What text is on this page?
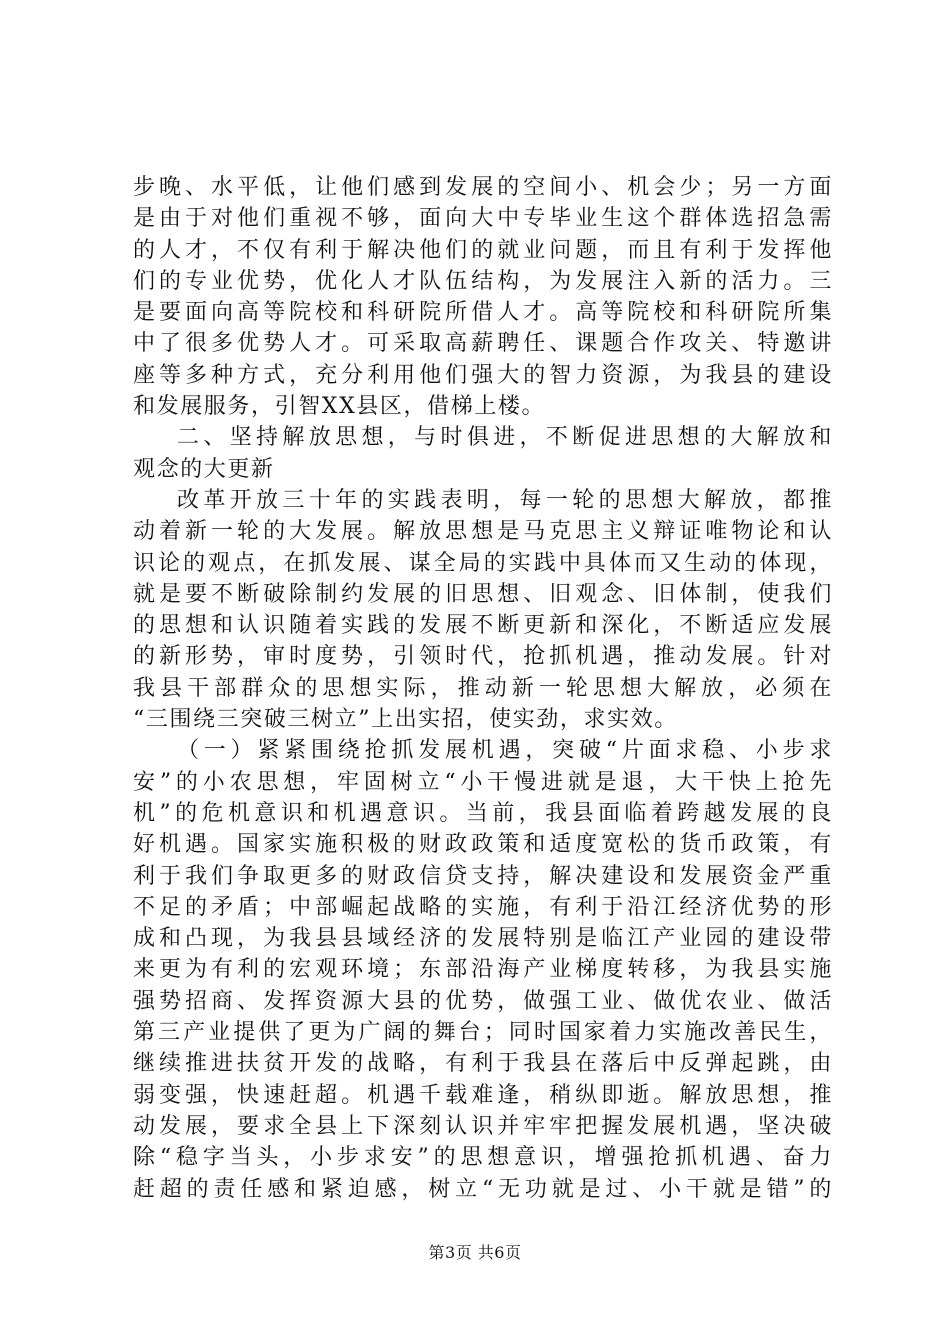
步晚、水平低，让他们感到发展的空间小、机会少；另一方面
是由于对他们重视不够，面向大中专毕业生这个群体选招急需
的人才，不仅有利于解决他们的就业问题，而且有利于发挥他
们的专业优势，优化人才队伍结构，为发展注入新的活力。三
是要面向高等院校和科研院所借人才。高等院校和科研院所集
中了很多优势人才。可采取高薪聘任、课题合作攻关、特邀讲
座等多种方式，充分利用他们强大的智力资源，为我县的建设
和发展服务，引智XX县区，借梯上楼。
二、坚持解放思想，与时俱进，不断促进思想的大解放和
观念的大更新
改革开放三十年的实践表明，每一轮的思想大解放，都推
动着新一轮的大发展。解放思想是马克思主义辩证唯物论和认
识论的观点，在抓发展、谋全局的实践中具体而又生动的体现，
就是要不断破除制约发展的旧思想、旧观念、旧体制，使我们
的思想和认识随着实践的发展不断更新和深化，不断适应发展
的新形势，审时度势，引领时代，抢抓机遇，推动发展。针对
我县干部群众的思想实际，推动新一轮思想大解放，必须在
“三围绕三突破三树立”上出实招，使实劲，求实效。
（一）紧紧围绕抢抓发展机遇，突破“片面求稳、小步求
安”的小农思想，牢固树立“小干慢进就是退，大干快上抢先
机”的危机意识和机遇意识。当前，我县面临着跨越发展的良
好机遇。国家实施积极的财政政策和适度宽松的货币政策，有
利于我们争取更多的财政信贷支持，解决建设和发展资金严重
不足的矛盾；中部崛起战略的实施，有利于沿江经济优势的形
成和凸现，为我县县域经济的发展特别是临江产业园的建设带
来更为有利的宏观环境；东部沿海产业梯度转移，为我县实施
强势招商、发挥资源大县的优势，做强工业、做优农业、做活
第三产业提供了更为广阔的舞台；同时国家着力实施改善民生，
继续推进扶贫开发的战略，有利于我县在落后中反弹起跳，由
弱变强，快速赶超。机遇千载难逢，稍纵即逝。解放思想，推
动发展，要求全县上下深刻认识并牢牢把握发展机遇，坚决破
除“稳字当头，小步求安”的思想意识，增强抢抓机遇、奋力
赶超的责任感和紧迫感，树立“无功就是过、小干就是错”的
第3页 共6页
